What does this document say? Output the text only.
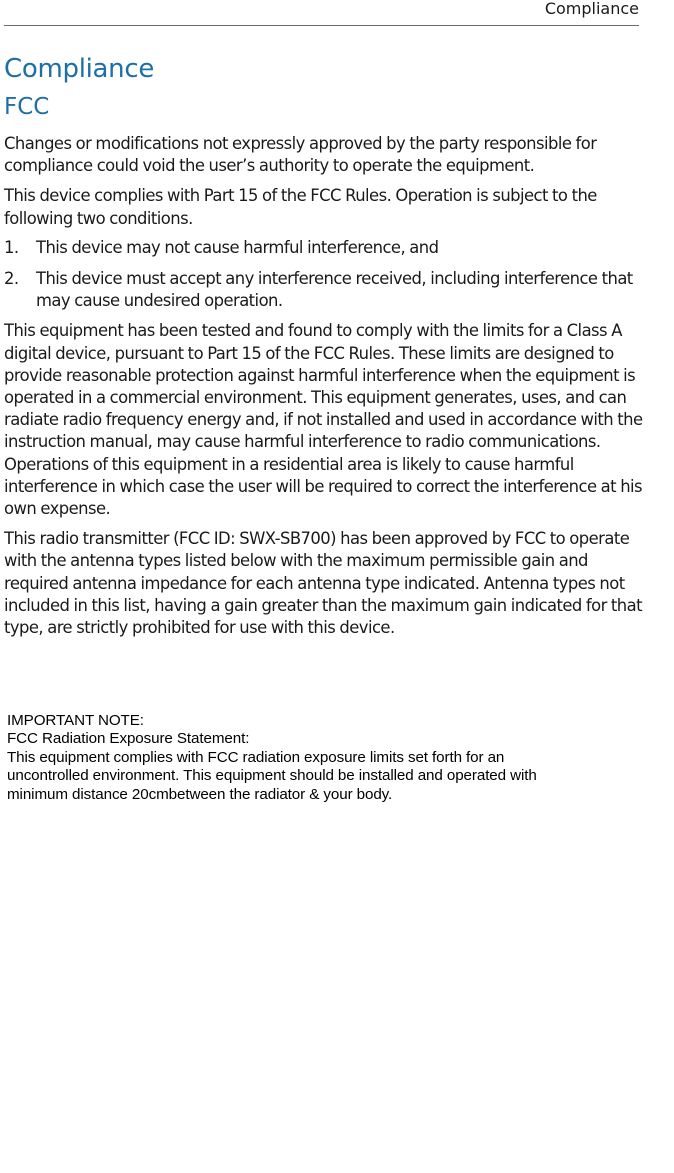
Compliance
Compliance
FCC

Changes or modifications not expressly approved by the party responsible for compliance could void the user’s authority to operate the equipment.

This device complies with Part 15 of the FCC Rules. Operation is subject to the following two conditions.

1. This device may not cause harmful interference, and
2. This device must accept any interference received, including interference that may cause undesired operation.

This equipment has been tested and found to comply with the limits for a Class A digital device, pursuant to Part 15 of the FCC Rules. These limits are designed to provide reasonable protection against harmful interference when the equipment is operated in a commercial environment. This equipment generates, uses, and can radiate radio frequency energy and, if not installed and used in accordance with the instruction manual, may cause harmful interference to radio communications. Operations of this equipment in a residential area is likely to cause harmful interference in which case the user will be required to correct the interference at his own expense.

This radio transmitter (FCC ID: SWX-SB700) has been approved by FCC to operate with the antenna types listed below with the maximum permissible gain and required antenna impedance for each antenna type indicated. Antenna types not included in this list, having a gain greater than the maximum gain indicated for that type, are strictly prohibited for use with this device.

IMPORTANT NOTE:
FCC Radiation Exposure Statement:
This equipment complies with FCC radiation exposure limits set forth for an
uncontrolled environment. This equipment should be installed and operated with
minimum distance 20cmbetween the radiator & your body.
